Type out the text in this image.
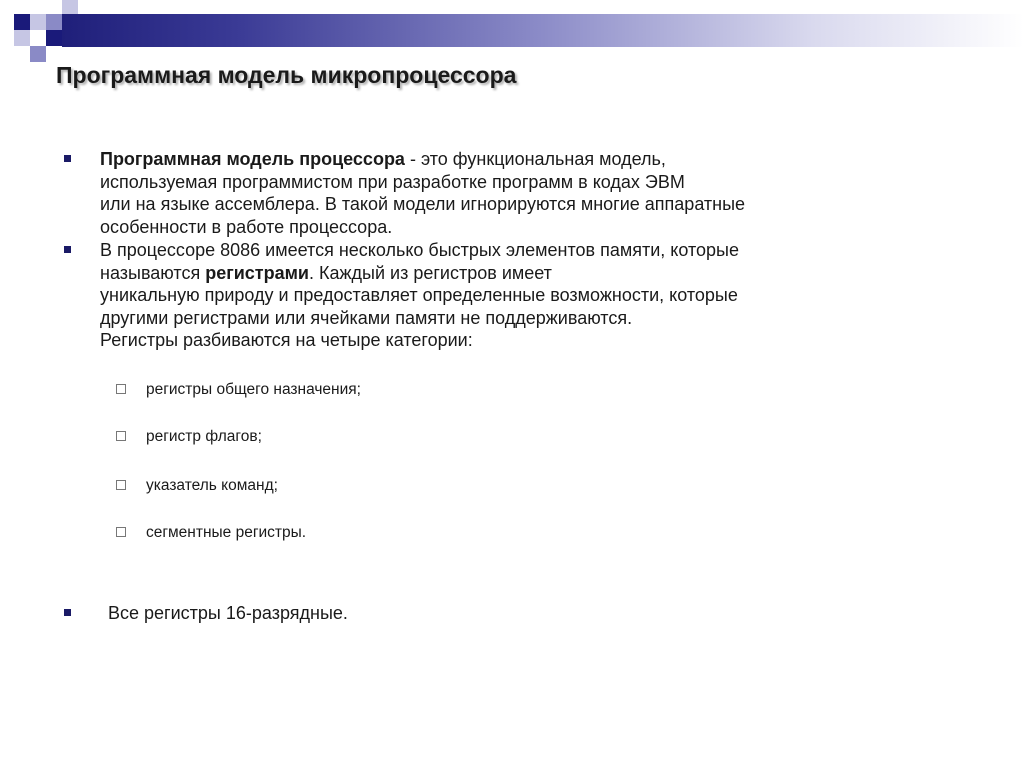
Программная модель микропроцессора
Программная модель процессора - это функциональная модель,
используемая программистом при разработке программ в кодах ЭВМ
или на языке ассемблера. В такой модели игнорируются многие аппаратные
особенности в работе процессора.
В процессоре 8086 имеется несколько быстрых элементов памяти, которые
называются регистрами. Каждый из регистров имеет
уникальную природу и предоставляет определенные возможности, которые
другими регистрами или ячейками памяти не поддерживаются.
Регистры разбиваются на четыре категории:
регистры общего назначения;
регистр флагов;
указатель команд;
сегментные регистры.
Все регистры 16-разрядные.
